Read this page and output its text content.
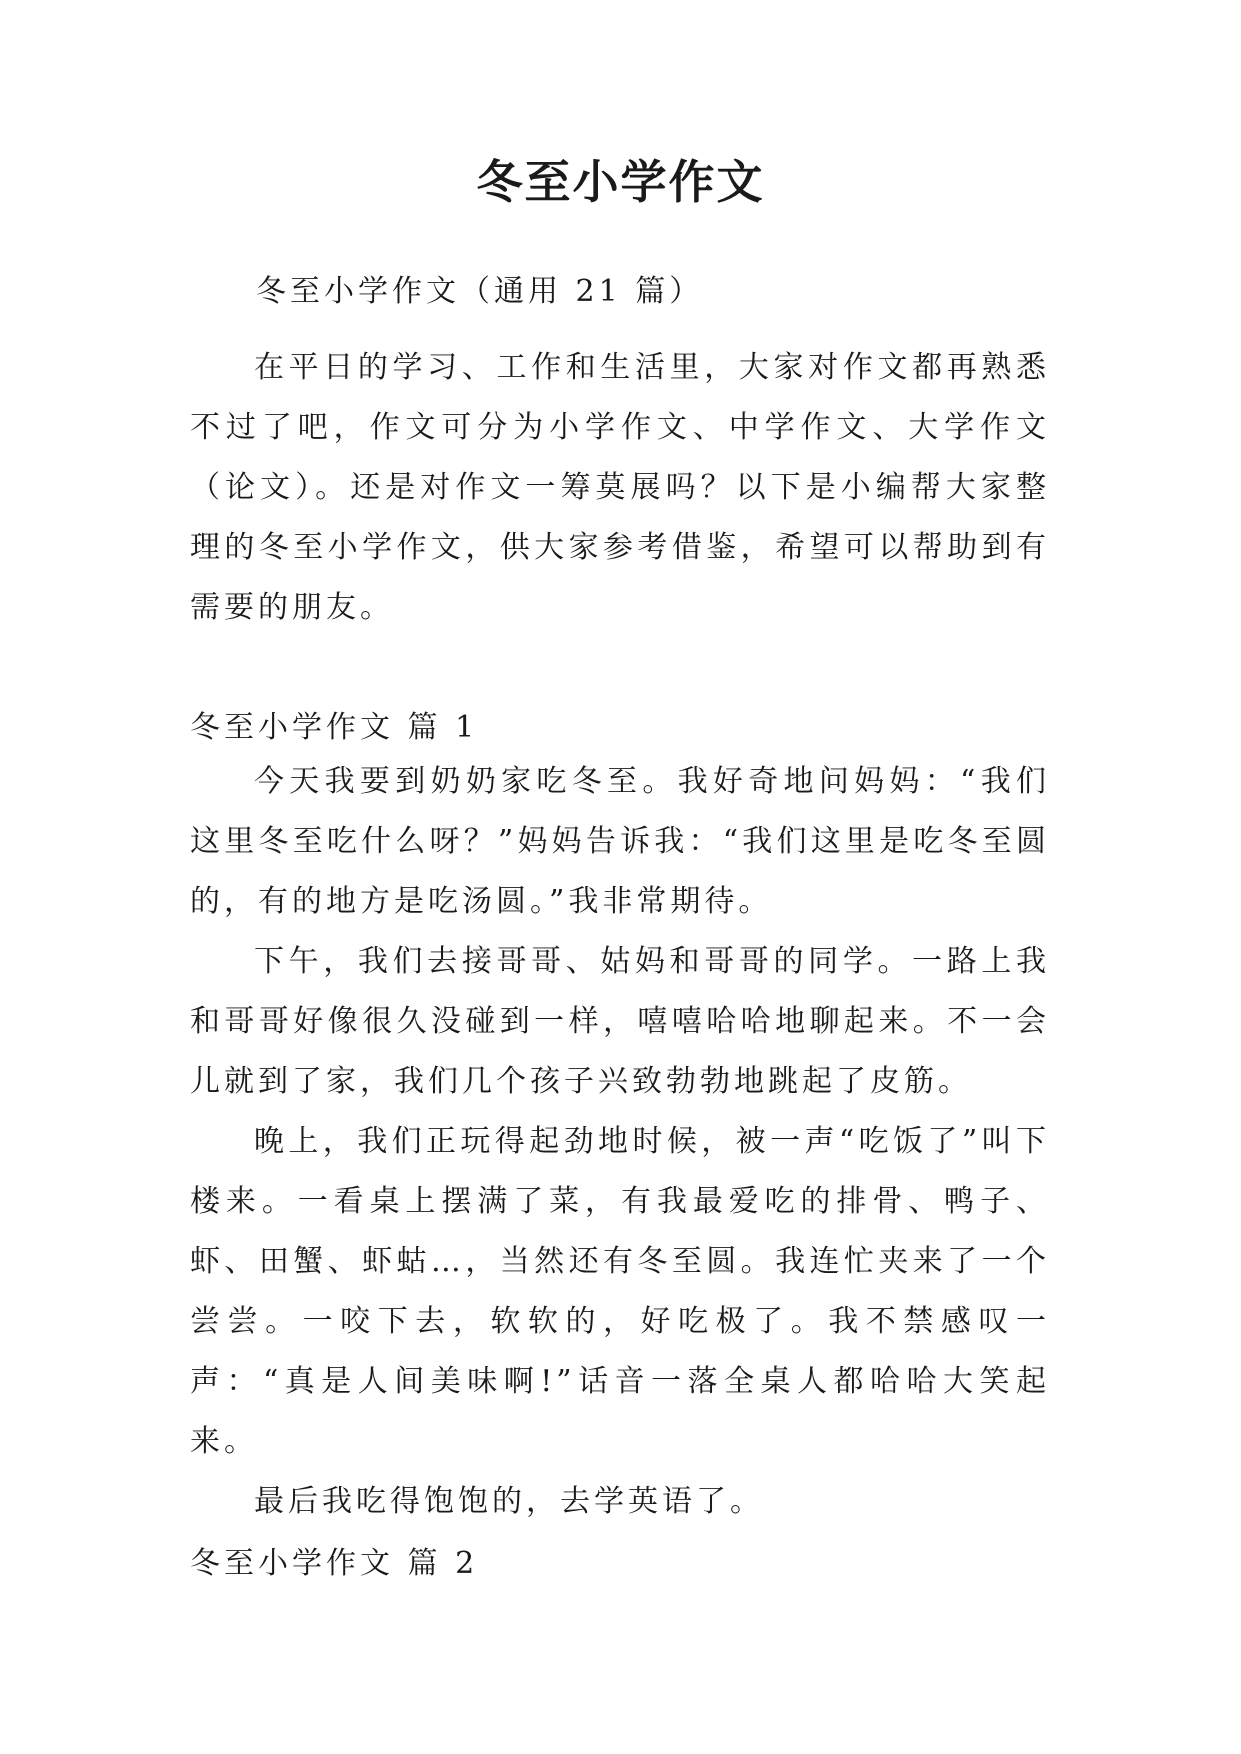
冬至小学作文
冬至小学作文（通用 21 篇）

在平日的学习、工作和生活里，大家对作文都再熟悉不过了吧，作文可分为小学作文、中学作文、大学作文（论文）。还是对作文一筹莫展吗？以下是小编帮大家整理的冬至小学作文，供大家参考借鉴，希望可以帮助到有需要的朋友。

冬至小学作文 篇 1

今天我要到奶奶家吃冬至。我好奇地问妈妈：“我们这里冬至吃什么呀？”妈妈告诉我：“我们这里是吃冬至圆的，有的地方是吃汤圆。”我非常期待。

下午，我们去接哥哥、姑妈和哥哥的同学。一路上我和哥哥好像很久没碰到一样，嘻嘻哈哈地聊起来。不一会儿就到了家，我们几个孩子兴致勃勃地跳起了皮筋。

晚上，我们正玩得起劲地时候，被一声“吃饭了”叫下楼来。一看桌上摆满了菜，有我最爱吃的排骨、鸭子、虾、田蟹、虾蛄…，当然还有冬至圆。我连忙夹来了一个尝尝。一咬下去，软软的，好吃极了。我不禁感叹一声：“真是人间美味啊!”话音一落全桌人都哈哈大笑起来。

最后我吃得饱饱的，去学英语了。

冬至小学作文 篇 2
